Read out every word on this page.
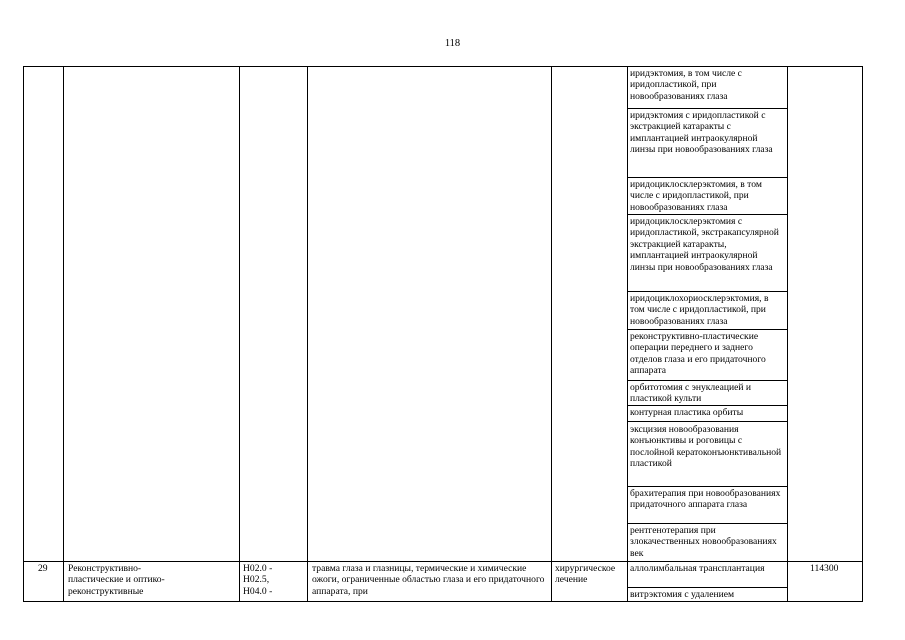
118
иридэктомия, в том числе с иридопластикой, при новообразованиях глаза
иридэктомия с иридопластикой с экстракцией катаракты с имплантацией интраокулярной линзы при новообразованиях глаза
иридоциклосклерэктомия, в том числе с иридопластикой, при новообразованиях глаза
иридоциклосклерэктомия с иридопластикой, экстракапсулярной экстракцией катаракты, имплантацией интраокулярной линзы при новообразованиях глаза
иридоциклохориосклерэктомия, в том числе с иридопластикой, при новообразованиях глаза
реконструктивно-пластические операции переднего и заднего отделов глаза и его придаточного аппарата
орбитотомия с энуклеацией и пластикой культи
контурная пластика орбиты
эксцизия новообразования конъюнктивы и роговицы с послойной кератоконъюнктивальной пластикой
брахитерапия при новообразованиях придаточного аппарата глаза
рентгенотерапия при злокачественных новообразованиях век
29	Реконструктивно-пластические и оптико-реконструктивные
H02.0 - H02.5, H04.0 -
травма глаза и глазницы, термические и химические ожоги, ограниченные областью глаза и его придаточного аппарата, при
хирургическое лечение
аллолимбальная трансплантация
витрэктомия с удалением
114300
